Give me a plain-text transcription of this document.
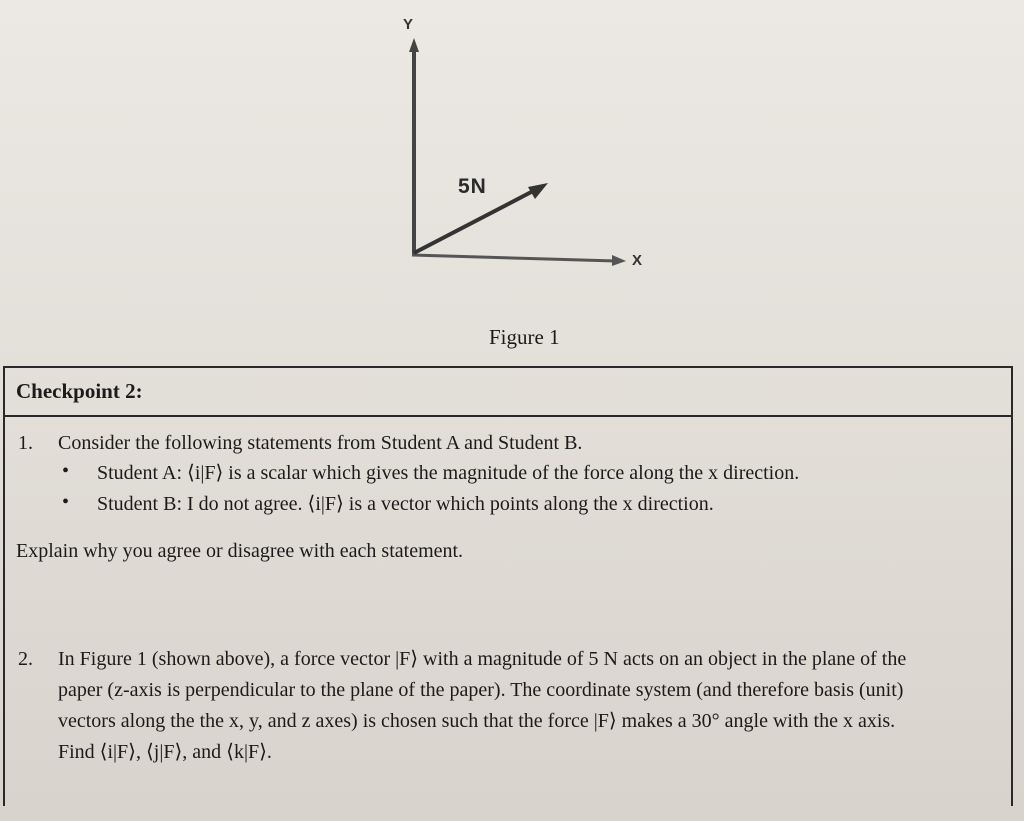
Y
X
5N
Figure 1
Checkpoint 2:
1. Consider the following statements from Student A and Student B.
• Student A: ⟨i|F⟩ is a scalar which gives the magnitude of the force along the x direction.
• Student B: I do not agree. ⟨i|F⟩ is a vector which points along the x direction.
Explain why you agree or disagree with each statement.
2. In Figure 1 (shown above), a force vector |F⟩ with a magnitude of 5 N acts on an object in the plane of the
paper (z-axis is perpendicular to the plane of the paper). The coordinate system (and therefore basis (unit)
vectors along the the x, y, and z axes) is chosen such that the force |F⟩ makes a 30° angle with the x axis.
Find ⟨i|F⟩, ⟨j|F⟩, and ⟨k|F⟩.
